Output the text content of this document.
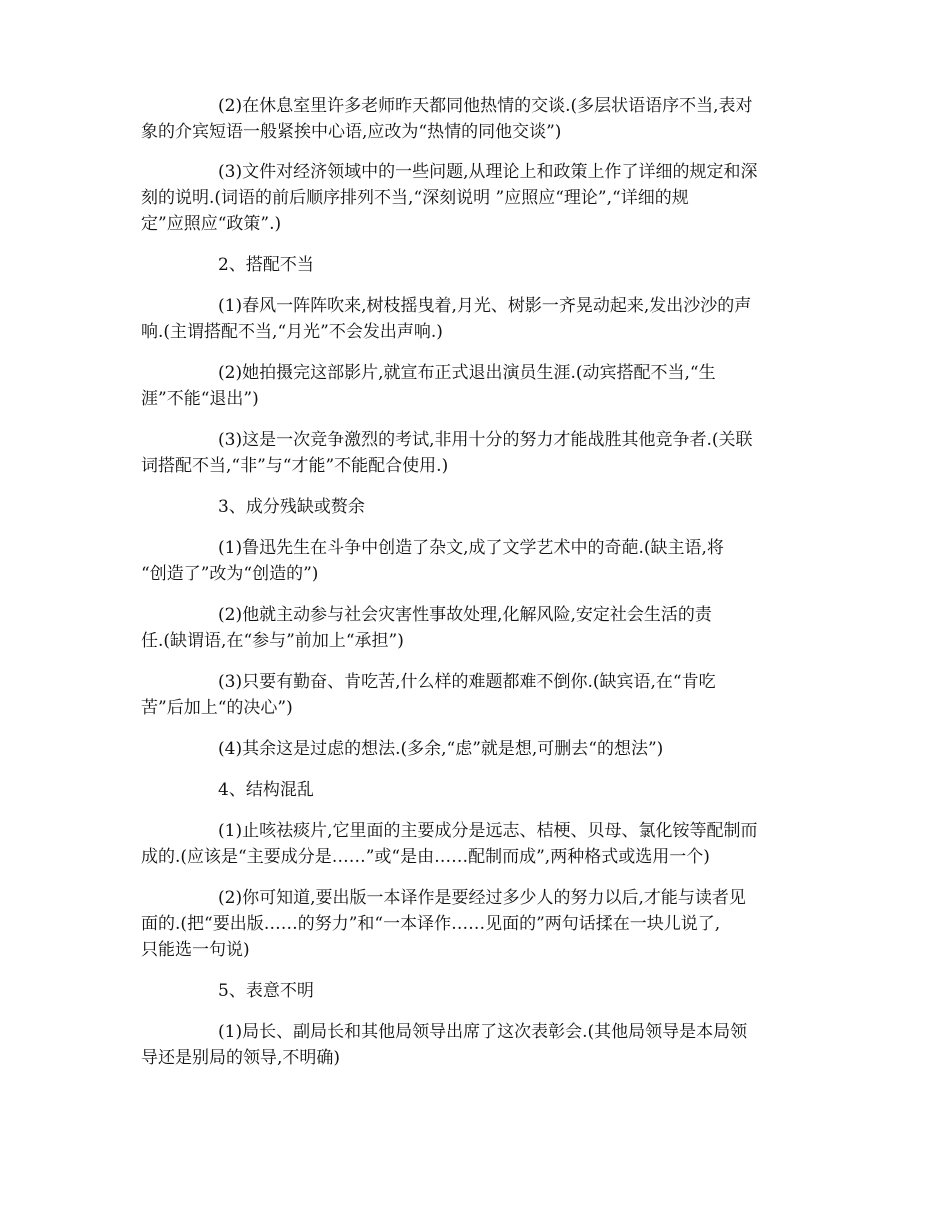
(2)在休息室里许多老师昨天都同他热情的交谈.(多层状语语序不当,表对
象的介宾短语一般紧挨中心语,应改为“热情的同他交谈”)
(3)文件对经济领域中的一些问题,从理论上和政策上作了详细的规定和深
刻的说明.(词语的前后顺序排列不当,“深刻说明 ”应照应“理论”,“详细的规
定”应照应“政策”.)
2、搭配不当
(1)春风一阵阵吹来,树枝摇曳着,月光、树影一齐晃动起来,发出沙沙的声
响.(主谓搭配不当,“月光”不会发出声响.)
(2)她拍摄完这部影片,就宣布正式退出演员生涯.(动宾搭配不当,“生
涯”不能“退出”)
(3)这是一次竞争激烈的考试,非用十分的努力才能战胜其他竞争者.(关联
词搭配不当,“非”与“才能”不能配合使用.)
3、成分残缺或赘余
(1)鲁迅先生在斗争中创造了杂文,成了文学艺术中的奇葩.(缺主语,将
“创造了”改为“创造的”)
(2)他就主动参与社会灾害性事故处理,化解风险,安定社会生活的责
任.(缺谓语,在“参与”前加上“承担”)
(3)只要有勤奋、肯吃苦,什么样的难题都难不倒你.(缺宾语,在“肯吃
苦”后加上“的决心”)
(4)其余这是过虑的想法.(多余,“虑”就是想,可删去“的想法”)
4、结构混乱
(1)止咳祛痰片,它里面的主要成分是远志、桔梗、贝母、氯化铵等配制而
成的.(应该是“主要成分是……”或“是由……配制而成”,两种格式或选用一个)
(2)你可知道,要出版一本译作是要经过多少人的努力以后,才能与读者见
面的.(把“要出版……的努力”和“一本译作……见面的”两句话揉在一块儿说了,
只能选一句说)
5、表意不明
(1)局长、副局长和其他局领导出席了这次表彰会.(其他局领导是本局领
导还是别局的领导,不明确)
